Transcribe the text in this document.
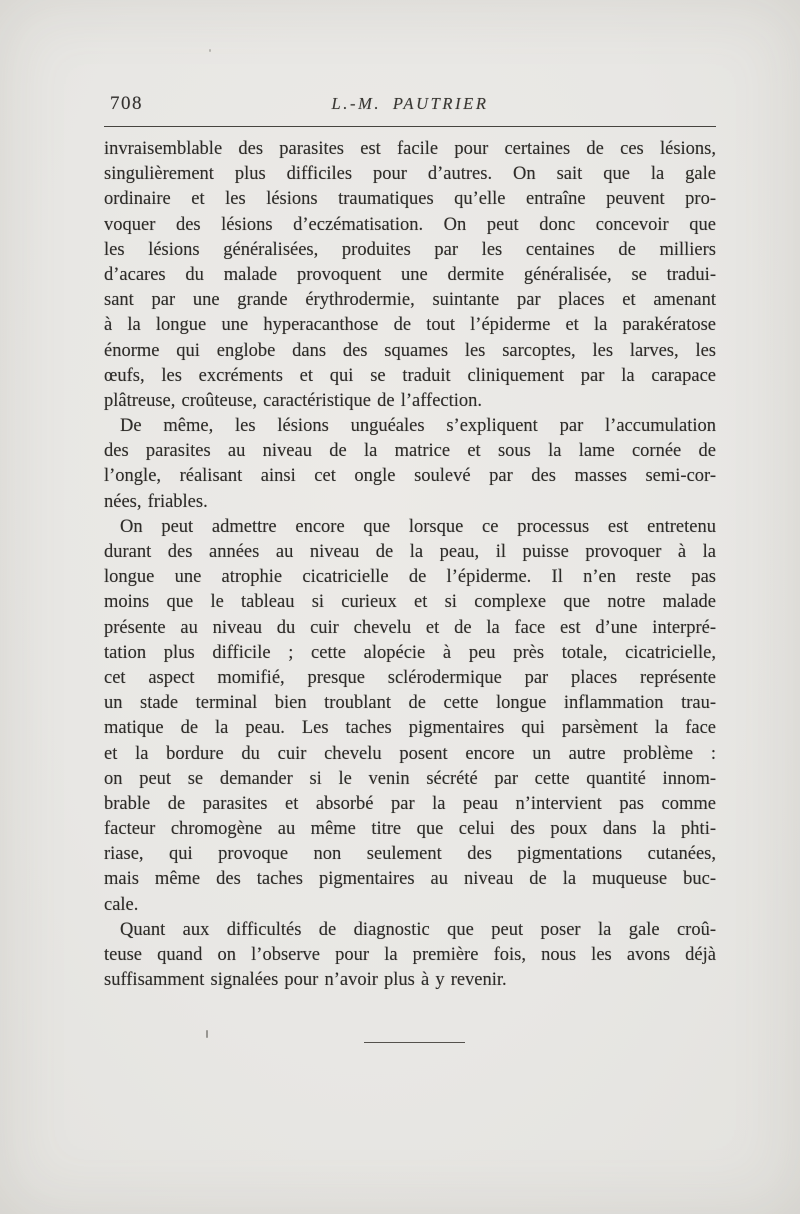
708	L.-M. PAUTRIER
invraisemblable des parasites est facile pour certaines de ces lésions,
singulièrement plus difficiles pour d’autres. On sait que la gale
ordinaire et les lésions traumatiques qu’elle entraîne peuvent pro-
voquer des lésions d’eczématisation. On peut donc concevoir que
les lésions généralisées, produites par les centaines de milliers
d’acares du malade provoquent une dermite généralisée, se tradui-
sant par une grande érythrodermie, suintante par places et amenant
à la longue une hyperacanthose de tout l’épiderme et la parakératose
énorme qui englobe dans des squames les sarcoptes, les larves, les
œufs, les excréments et qui se traduit cliniquement par la carapace
plâtreuse, croûteuse, caractéristique de l’affection.
De même, les lésions unguéales s’expliquent par l’accumulation
des parasites au niveau de la matrice et sous la lame cornée de
l’ongle, réalisant ainsi cet ongle soulevé par des masses semi-cor-
nées, friables.
On peut admettre encore que lorsque ce processus est entretenu
durant des années au niveau de la peau, il puisse provoquer à la
longue une atrophie cicatricielle de l’épiderme. Il n’en reste pas
moins que le tableau si curieux et si complexe que notre malade
présente au niveau du cuir chevelu et de la face est d’une interpré-
tation plus difficile ; cette alopécie à peu près totale, cicatricielle,
cet aspect momifié, presque sclérodermique par places représente
un stade terminal bien troublant de cette longue inflammation trau-
matique de la peau. Les taches pigmentaires qui parsèment la face
et la bordure du cuir chevelu posent encore un autre problème :
on peut se demander si le venin sécrété par cette quantité innom-
brable de parasites et absorbé par la peau n’intervient pas comme
facteur chromogène au même titre que celui des poux dans la phti-
riase, qui provoque non seulement des pigmentations cutanées,
mais même des taches pigmentaires au niveau de la muqueuse buc-
cale.
Quant aux difficultés de diagnostic que peut poser la gale croû-
teuse quand on l’observe pour la première fois, nous les avons déjà
suffisamment signalées pour n’avoir plus à y revenir.
